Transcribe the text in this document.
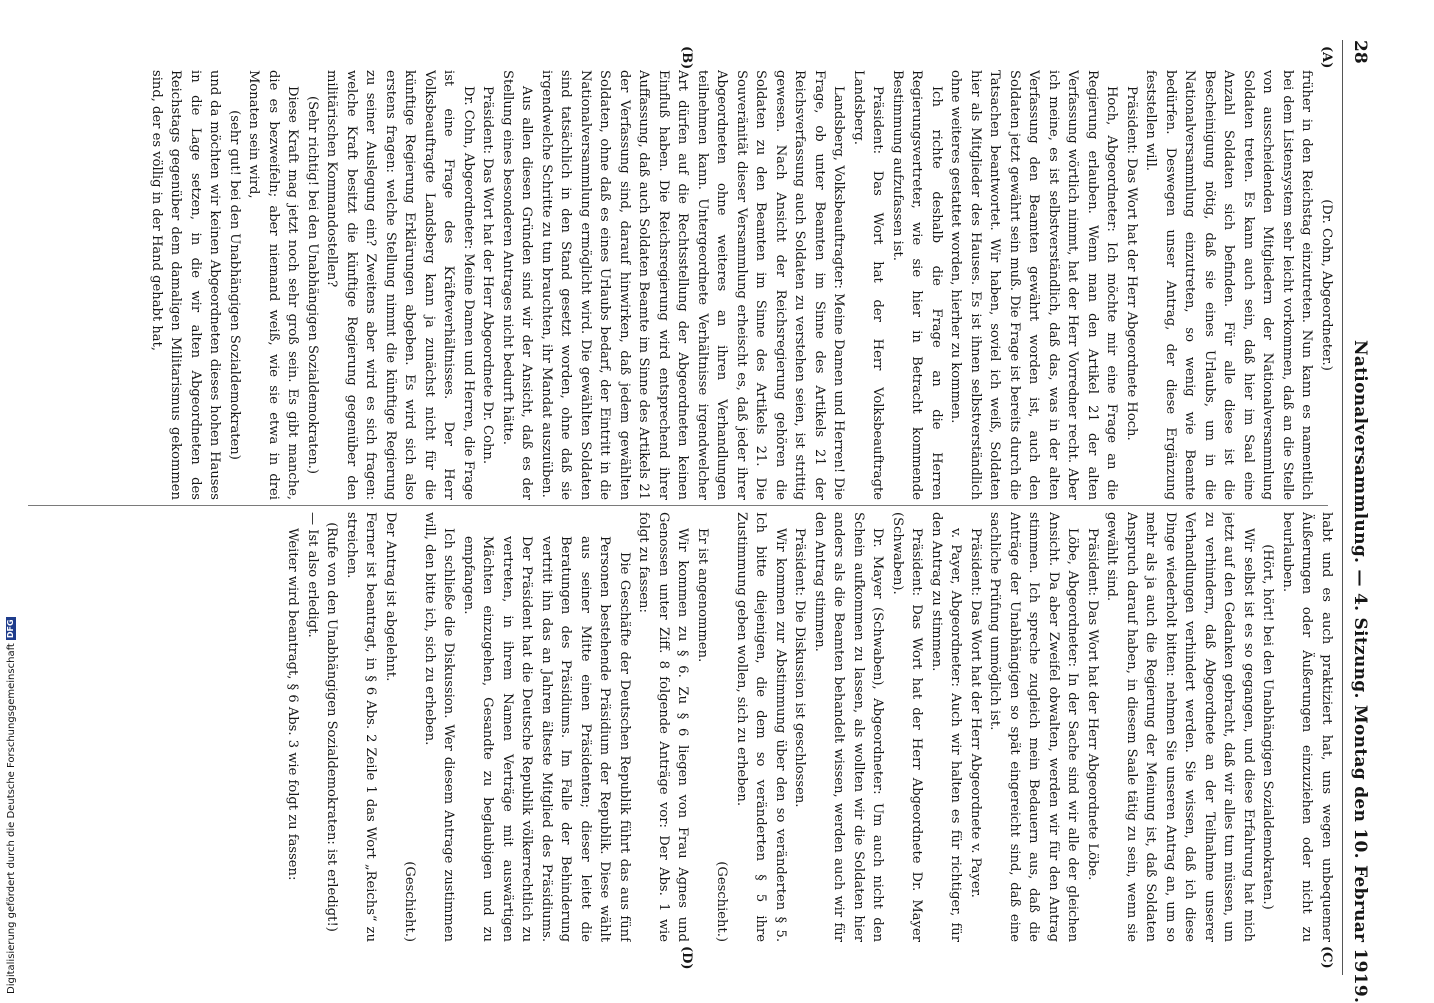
28
Nationalversammlung. — 4. Sitzung. Montag den 10. Februar 1919.
(A)
(B)
(C)
(D)

(Dr. Cohn, Abgeordneter.)

früher in den Reichstag einzutreten. Nun kann es namentlich bei dem Listensystem sehr leicht vorkommen, daß an die Stelle von ausscheidenden Mitgliedern der Nationalversammlung Soldaten treten. Es kann auch sein, daß hier im Saal eine Anzahl Soldaten sich befinden. Für alle diese ist die Bescheinigung nötig, daß sie eines Urlaubs, um in die Nationalversammlung einzutreten, so wenig wie Beamte bedürfen. Deswegen unser Antrag, der diese Ergänzung feststellen will.

Präsident: Das Wort hat der Herr Abgeordnete Hoch.

Hoch, Abgeordneter: Ich möchte mir eine Frage an die Regierung erlauben. Wenn man den Artikel 21 der alten Verfassung wörtlich nimmt, hat der Herr Vorredner recht. Aber ich meine, es ist selbstverständlich, daß das, was in der alten Verfassung den Beamten gewährt worden ist, auch den Soldaten jetzt gewährt sein muß. Die Frage ist bereits durch die Tatsachen beantwortet. Wir haben, soviel ich weiß, Soldaten hier als Mitglieder des Hauses. Es ist ihnen selbstverständlich ohne weiteres gestattet worden, hierher zu kommen.

Ich richte deshalb die Frage an die Herren Regierungsvertreter, wie sie hier in Betracht kommende Bestimmung aufzufassen ist.

Präsident: Das Wort hat der Herr Volksbeauftragte Landsberg.

Landsberg, Volksbeauftragter: Meine Damen und Herren! Die Frage, ob unter Beamten im Sinne des Artikels 21 der Reichsverfassung auch Soldaten zu verstehen seien, ist strittig gewesen. Nach Ansicht der Reichsregierung gehören die Soldaten zu den Beamten im Sinne des Artikels 21. Die Souveränität dieser Versammlung erheischt es, daß jeder ihrer Abgeordneten ohne weiteres an ihren Verhandlungen teilnehmen kann. Untergeordnete Verhältnisse irgendwelcher Art dürfen auf die Rechtsstellung der Abgeordneten keinen Einfluß haben. Die Reichsregierung wird entsprechend ihrer Auffassung, daß auch Soldaten Beamte im Sinne des Artikels 21 der Verfassung sind, darauf hinwirken, daß jedem gewählten Soldaten, ohne daß es eines Urlaubs bedarf, der Eintritt in die Nationalversammlung ermöglicht wird. Die gewählten Soldaten sind tatsächlich in den Stand gesetzt worden, ohne daß sie irgendwelche Schritte zu tun brauchten, ihr Mandat auszuüben.

Aus allen diesen Gründen sind wir der Ansicht, daß es der Stellung eines besonderen Antrages nicht bedurft hätte.

Präsident: Das Wort hat der Herr Abgeordnete Dr. Cohn.

Dr. Cohn, Abgeordneter: Meine Damen und Herren, die Frage ist eine Frage des Kräfteverhältnisses. Der Herr Volksbeauftragte Landsberg kann ja zunächst nicht für die künftige Regierung Erklärungen abgeben. Es wird sich also erstens fragen: welche Stellung nimmt die künftige Regierung zu seiner Auslegung ein? Zweitens aber wird es sich fragen: welche Kraft besitzt die künftige Regierung gegenüber den militärischen Kommandostellen?

(Sehr richtig! bei den Unabhängigen Sozialdemokraten.)

Diese Kraft mag jetzt noch sehr groß sein. Es gibt manche, die es bezweifeln; aber niemand weiß, wie sie etwa in drei Monaten sein wird,

(sehr gut! bei den Unabhängigen Sozialdemokraten)

und da möchten wir keinen Abgeordneten dieses hohen Hauses in die Lage setzen, in die wir alten Abgeordneten des Reichstags gegenüber dem damaligen Militarismus gekommen sind, der es völlig in der Hand gehabt hat,

habt und es auch praktiziert hat, uns wegen unbequemer Äußerungen oder Äußerungen einzuziehen oder nicht zu beurlauben.

(Hört, hört! bei den Unabhängigen Sozialdemokraten.)

Wir selbst ist es so gegangen, und diese Erfahrung hat mich jetzt auf den Gedanken gebracht, daß wir alles tun müssen, um zu verhindern, daß Abgeordnete an der Teilnahme unserer Verhandlungen verhindert werden. Sie wissen, daß ich diese Dinge wiederholt bitten: nehmen Sie unseren Antrag an, um so mehr als ja auch die Regierung der Meinung ist, daß Soldaten Anspruch darauf haben, in diesem Saale tätig zu sein, wenn sie gewählt sind.

Präsident: Das Wort hat der Herr Abgeordnete Löbe.

Löbe, Abgeordneter: In der Sache sind wir alle der gleichen Ansicht. Da aber Zweifel obwalten, werden wir für den Antrag stimmen. Ich spreche zugleich mein Bedauern aus, daß die Anträge der Unabhängigen so spät eingereicht sind, daß eine sachliche Prüfung unmöglich ist.

Präsident: Das Wort hat der Herr Abgeordnete v. Payer.

v. Payer, Abgeordneter: Auch wir halten es für richtiger, für den Antrag zu stimmen.

Präsident: Das Wort hat der Herr Abgeordnete Dr. Mayer (Schwaben).

Dr. Mayer (Schwaben), Abgeordneter: Um auch nicht den Schein aufkommen zu lassen, als wollten wir die Soldaten hier anders als die Beamten behandelt wissen, werden auch wir für den Antrag stimmen.

Präsident: Die Diskussion ist geschlossen.

Wir kommen zur Abstimmung über den so veränderten § 5. Ich bitte diejenigen, die dem so veränderten § 5 ihre Zustimmung geben wollen, sich zu erheben.

(Geschieht.)

Er ist angenommen.

Wir kommen zu § 6. Zu § 6 liegen von Frau Agnes und Genossen unter Ziff. 8 folgende Anträge vor: Der Abs. 1 wie folgt zu fassen:

Die Geschäfte der Deutschen Republik führt das aus fünf Personen bestehende Präsidium der Republik. Diese wählt aus seiner Mitte einen Präsidenten; dieser leitet die Beratungen des Präsidiums. Im Falle der Behinderung vertritt ihn das an Jahren älteste Mitglied des Präsidiums. Der Präsident hat die Deutsche Republik völkerrechtlich zu vertreten, in ihrem Namen Verträge mit auswärtigen Mächten einzugehen, Gesandte zu beglaubigen und zu empfangen.

Ich schließe die Diskussion. Wer diesem Antrage zustimmen will, den bitte ich, sich zu erheben.

(Geschieht.)

Der Antrag ist abgelehnt.

Ferner ist beantragt, in § 6 Abs. 2 Zeile 1 das Wort „Reichs“ zu streichen.

(Rufe von den Unabhängigen Sozialdemokraten: ist erledigt!)

— Ist also erledigt.

Weiter wird beantragt, § 6 Abs. 3 wie folgt zu fassen:

Digitalisierung gefördert durch die Deutsche ForschungsgemeinschaftDFG
